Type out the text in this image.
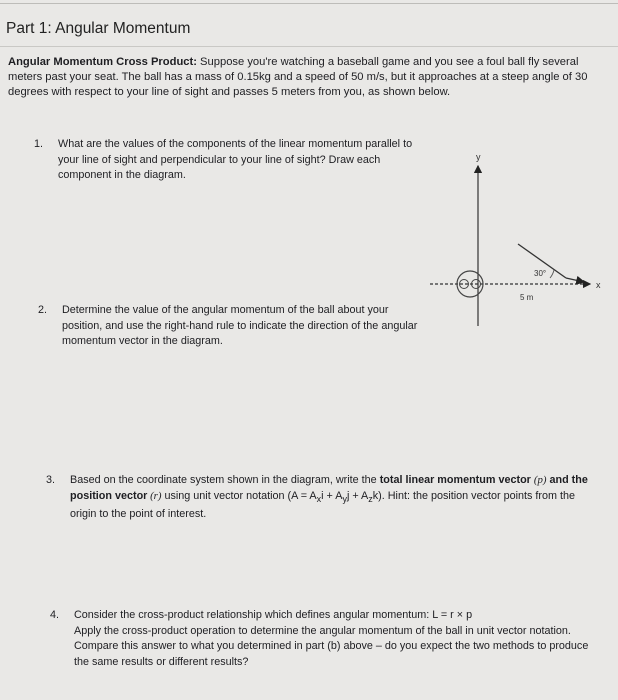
Part 1: Angular Momentum
Angular Momentum Cross Product: Suppose you're watching a baseball game and you see a foul ball fly several meters past your seat. The ball has a mass of 0.15kg and a speed of 50 m/s, but it approaches at a steep angle of 30 degrees with respect to your line of sight and passes 5 meters from you, as shown below.
1. What are the values of the components of the linear momentum parallel to your line of sight and perpendicular to your line of sight? Draw each component in the diagram.
2. Determine the value of the angular momentum of the ball about your position, and use the right-hand rule to indicate the direction of the angular momentum vector in the diagram.
3. Based on the coordinate system shown in the diagram, write the total linear momentum vector (p) and the position vector (r) using unit vector notation $(A = A_xi + A_yj + A_zk)$. Hint: the position vector points from the origin to the point of interest.
4. Consider the cross-product relationship which defines angular momentum: L = r × p
Apply the cross-product operation to determine the angular momentum of the ball in unit vector notation. Compare this answer to what you determined in part (b) above – do you expect the two methods to produce the same results or different results?
y
x
30°
5 m
